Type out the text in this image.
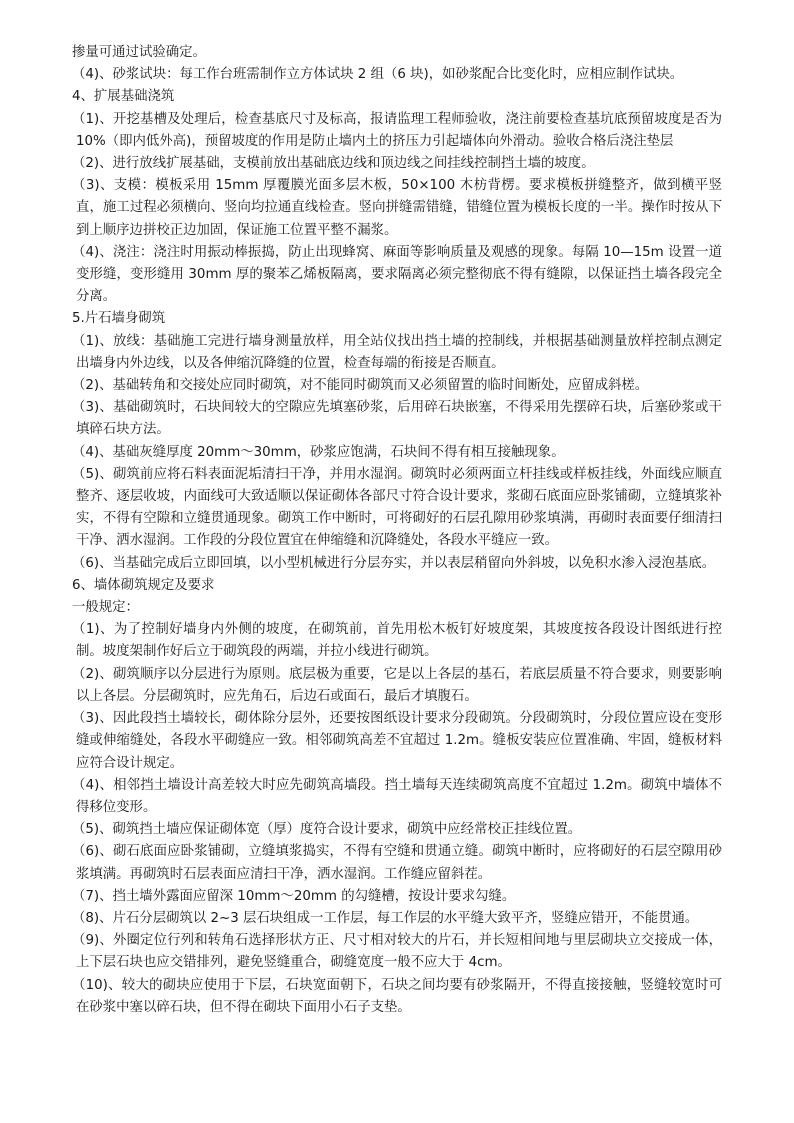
掺量可通过试验确定。

（4)、砂浆试块：每工作台班需制作立方体试块 2 组（6 块)，如砂浆配合比变化时，应相应制作试块。

4、扩展基础浇筑

（1)、开挖基槽及处理后，检查基底尺寸及标高，报请监理工程师验收，浇注前要检查基坑底预留坡度是否为 10%（即内低外高)，预留坡度的作用是防止墙内土的挤压力引起墙体向外滑动。验收合格后浇注垫层

（2)、进行放线扩展基础，支模前放出基础底边线和顶边线之间挂线控制挡土墙的坡度。

（3)、支模：模板采用 15mm 厚覆膜光面多层木板，50×100 木枋背楞。要求模板拼缝整齐，做到横平竖直，施工过程必须横向、竖向均拉通直线检查。竖向拼缝需错缝，错缝位置为模板长度的一半。操作时按从下到上顺序边拼校正边加固，保证施工位置平整不漏浆。

（4)、浇注：浇注时用振动棒振捣，防止出现蜂窝、麻面等影响质量及观感的现象。每隔 10—15m 设置一道变形缝，变形缝用 30mm 厚的聚苯乙烯板隔离，要求隔离必须完整彻底不得有缝隙，以保证挡土墙各段完全分离。

5.片石墙身砌筑

（1)、放线：基础施工完进行墙身测量放样，用全站仪找出挡土墙的控制线，并根据基础测量放样控制点测定出墙身内外边线，以及各伸缩沉降缝的位置，检查每端的衔接是否顺直。

（2)、基础转角和交接处应同时砌筑，对不能同时砌筑而又必须留置的临时间断处，应留成斜槎。

（3)、基础砌筑时，石块间较大的空隙应先填塞砂浆，后用碎石块嵌塞，不得采用先摆碎石块，后塞砂浆或干填碎石块方法。

（4)、基础灰缝厚度 20mm～30mm，砂浆应饱满，石块间不得有相互接触现象。

（5)、砌筑前应将石料表面泥垢清扫干净，并用水湿润。砌筑时必须两面立杆挂线或样板挂线，外面线应顺直整齐、逐层收坡，内面线可大致适顺以保证砌体各部尺寸符合设计要求，浆砌石底面应卧浆铺砌，立缝填浆补实，不得有空隙和立缝贯通现象。砌筑工作中断时，可将砌好的石层孔隙用砂浆填满，再砌时表面要仔细清扫干净、洒水湿润。工作段的分段位置宜在伸缩缝和沉降缝处，各段水平缝应一致。

（6)、当基础完成后立即回填，以小型机械进行分层夯实，并以表层稍留向外斜坡，以免积水渗入浸泡基底。

6、墙体砌筑规定及要求

一般规定：

（1)、为了控制好墙身内外侧的坡度，在砌筑前，首先用松木板钉好坡度架，其坡度按各段设计图纸进行控制。坡度架制作好后立于砌筑段的两端，并拉小线进行砌筑。

（2)、砌筑顺序以分层进行为原则。底层极为重要，它是以上各层的基石，若底层质量不符合要求，则要影响以上各层。分层砌筑时，应先角石，后边石或面石，最后才填腹石。

（3)、因此段挡土墙较长，砌体除分层外，还要按图纸设计要求分段砌筑。分段砌筑时，分段位置应设在变形缝或伸缩缝处，各段水平砌缝应一致。相邻砌筑高差不宜超过 1.2m。缝板安装应位置准确、牢固，缝板材料应符合设计规定。

（4)、相邻挡土墙设计高差较大时应先砌筑高墙段。挡土墙每天连续砌筑高度不宜超过 1.2m。砌筑中墙体不得移位变形。

（5)、砌筑挡土墙应保证砌体宽（厚）度符合设计要求，砌筑中应经常校正挂线位置。

（6)、砌石底面应卧浆铺砌，立缝填浆捣实，不得有空缝和贯通立缝。砌筑中断时，应将砌好的石层空隙用砂浆填满。再砌筑时石层表面应清扫干净，洒水湿润。工作缝应留斜茬。

（7)、挡土墙外露面应留深 10mm～20mm 的勾缝槽，按设计要求勾缝。

（8)、片石分层砌筑以 2~3 层石块组成一工作层，每工作层的水平缝大致平齐，竖缝应错开，不能贯通。

（9)、外圈定位行列和转角石选择形状方正、尺寸相对较大的片石，并长短相间地与里层砌块立交接成一体， 上下层石块也应交错排列，避免竖缝重合，砌缝宽度一般不应大于 4cm。

（10)、较大的砌块应使用于下层，石块宽面朝下，石块之间均要有砂浆隔开，不得直接接触，竖缝较宽时可在砂浆中塞以碎石块，但不得在砌块下面用小石子支垫。
